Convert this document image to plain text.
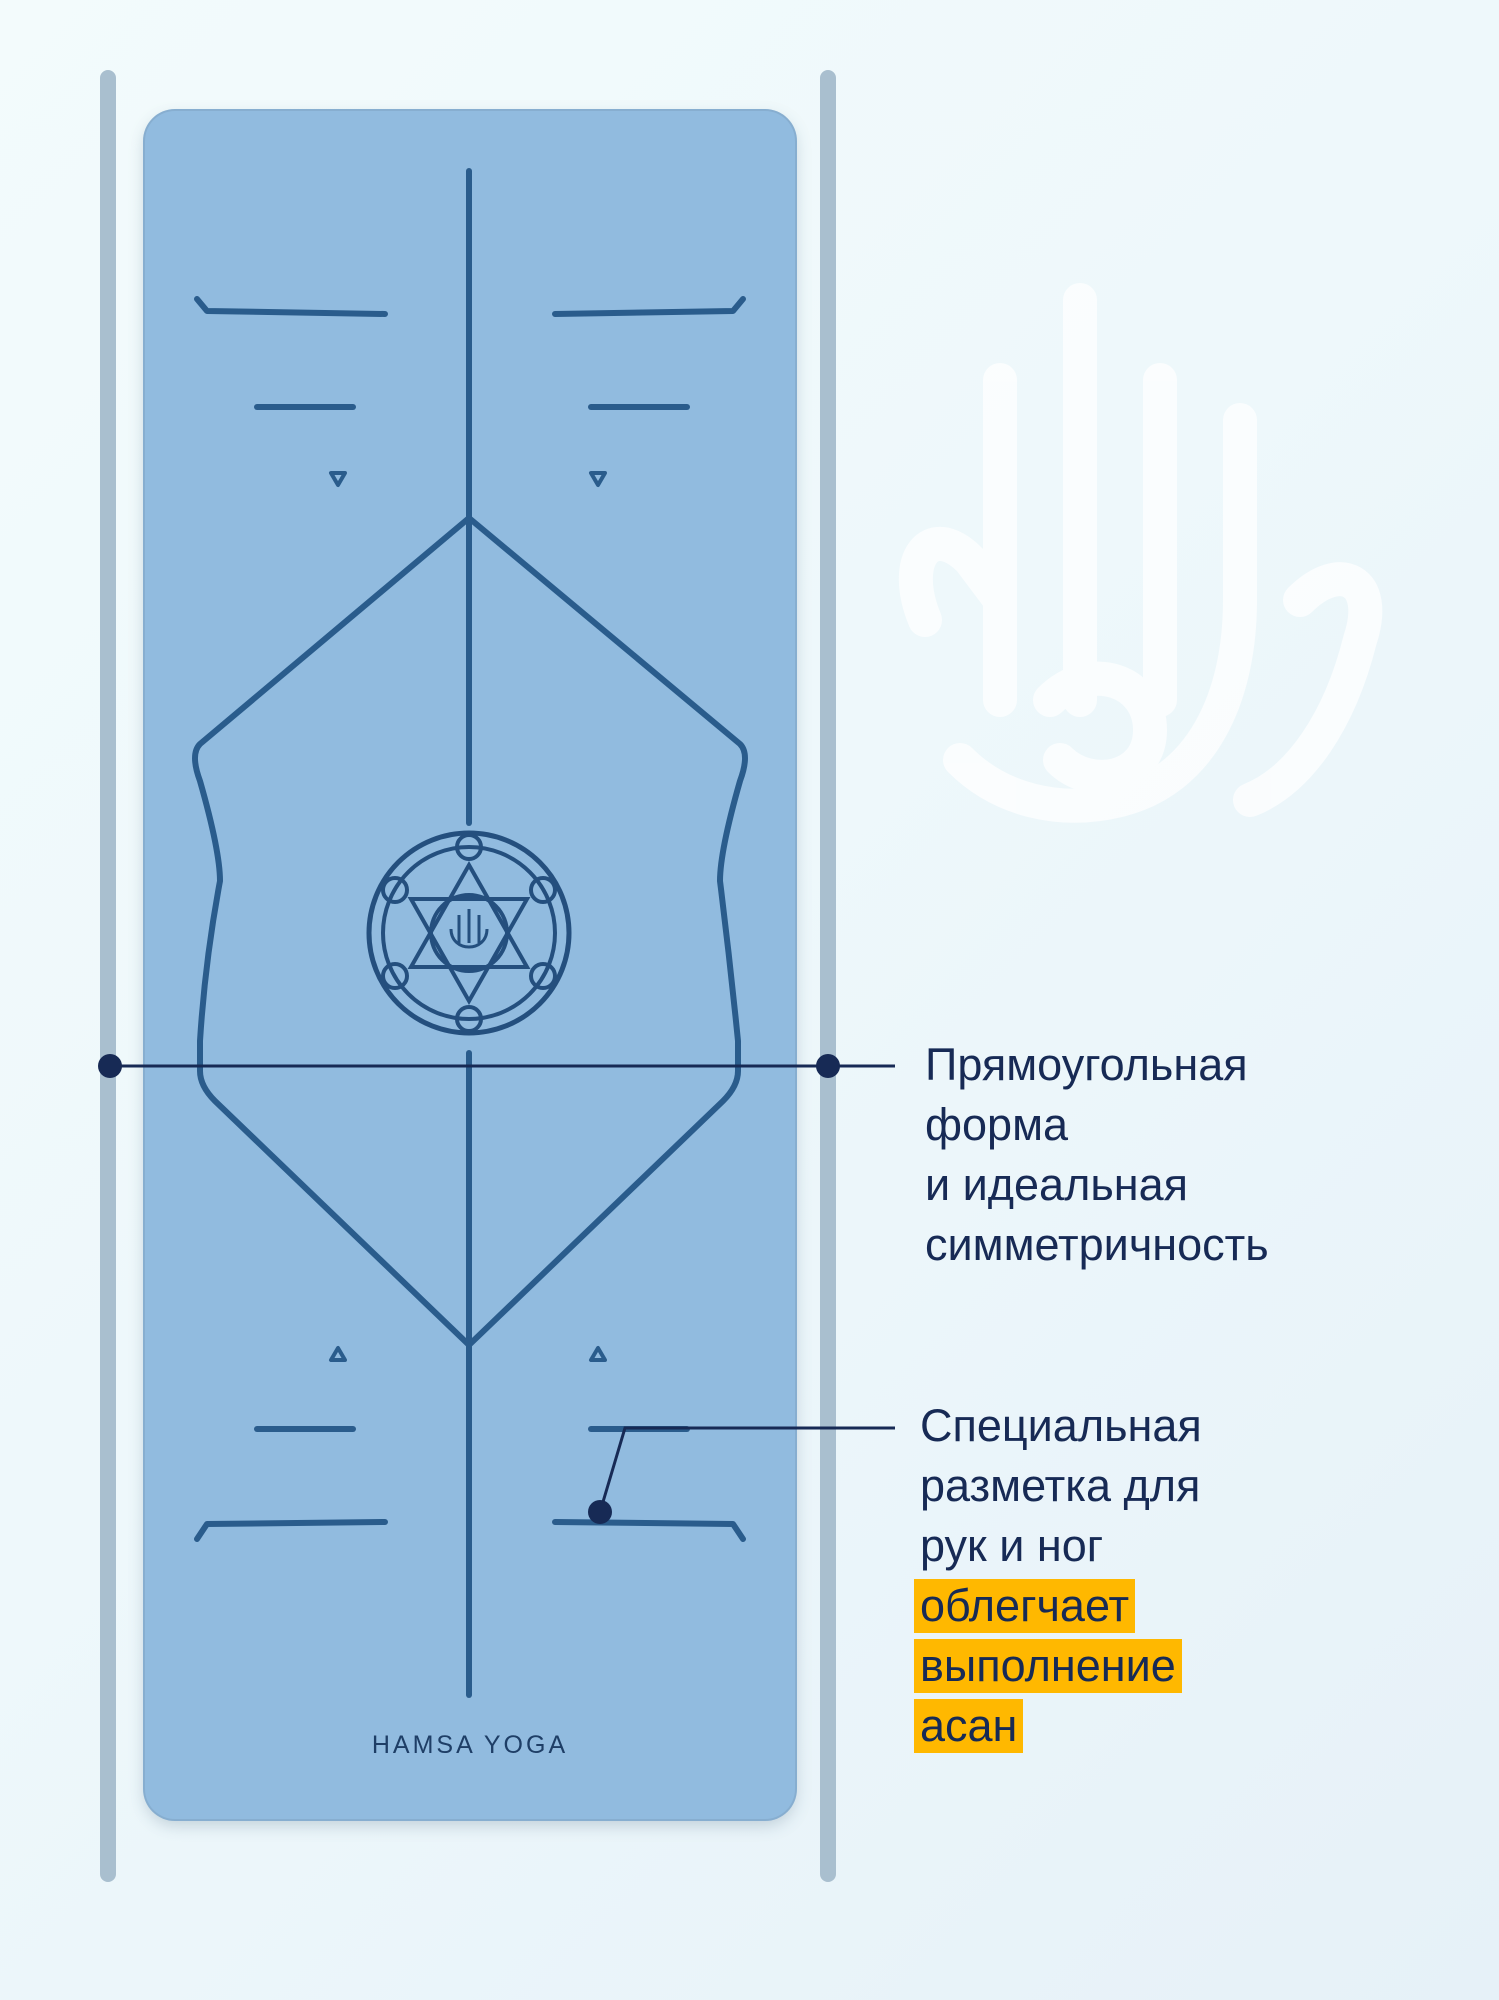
HAMSA YOGA
Прямоугольная
форма
и идеальная
симметричность
Специальная
разметка для
рук и ног
облегчает
выполнение
асан
